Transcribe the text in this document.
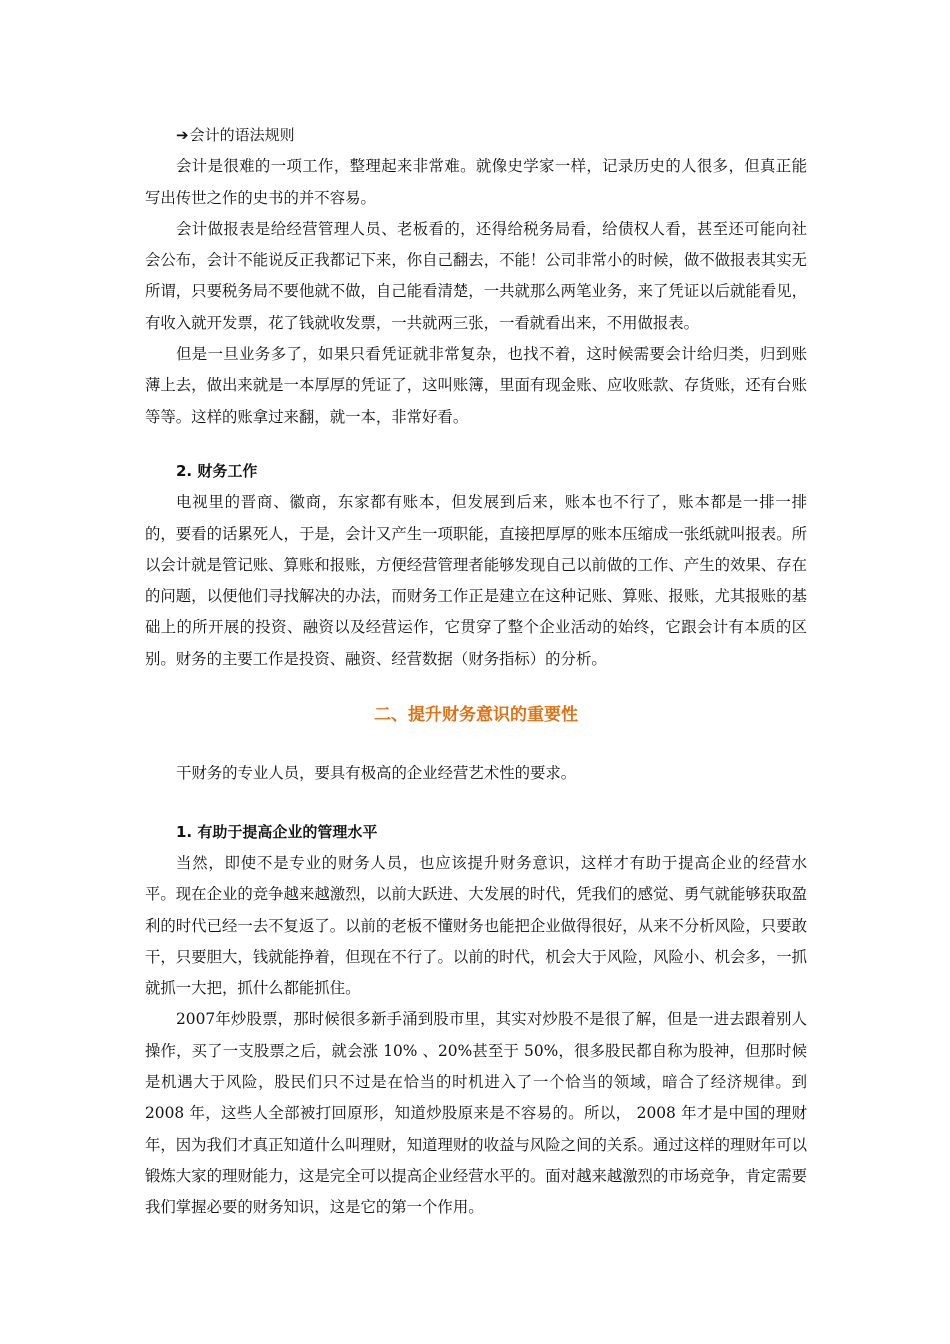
➔会计的语法规则

会计是很难的一项工作，整理起来非常难。就像史学家一样，记录历史的人很多，但真正能写出传世之作的史书的并不容易。

会计做报表是给经营管理人员、老板看的，还得给税务局看，给债权人看，甚至还可能向社会公布，会计不能说反正我都记下来，你自己翻去，不能！公司非常小的时候，做不做报表其实无所谓，只要税务局不要他就不做，自己能看清楚，一共就那么两笔业务，来了凭证以后就能看见，有收入就开发票，花了钱就收发票，一共就两三张，一看就看出来，不用做报表。

但是一旦业务多了，如果只看凭证就非常复杂，也找不着，这时候需要会计给归类，归到账薄上去，做出来就是一本厚厚的凭证了，这叫账簿，里面有现金账、应收账款、存货账，还有台账等等。这样的账拿过来翻，就一本，非常好看。

2. 财务工作

电视里的晋商、徽商，东家都有账本，但发展到后来，账本也不行了，账本都是一排一排的，要看的话累死人，于是，会计又产生一项职能，直接把厚厚的账本压缩成一张纸就叫报表。所以会计就是管记账、算账和报账，方便经营管理者能够发现自己以前做的工作、产生的效果、存在的问题，以便他们寻找解决的办法，而财务工作正是建立在这种记账、算账、报账，尤其报账的基础上的所开展的投资、融资以及经营运作，它贯穿了整个企业活动的始终，它跟会计有本质的区别。财务的主要工作是投资、融资、经营数据（财务指标）的分析。

二、提升财务意识的重要性

干财务的专业人员，要具有极高的企业经营艺术性的要求。

1. 有助于提高企业的管理水平

当然，即使不是专业的财务人员，也应该提升财务意识，这样才有助于提高企业的经营水平。现在企业的竞争越来越激烈，以前大跃进、大发展的时代，凭我们的感觉、勇气就能够获取盈利的时代已经一去不复返了。以前的老板不懂财务也能把企业做得很好，从来不分析风险，只要敢干，只要胆大，钱就能挣着，但现在不行了。以前的时代，机会大于风险，风险小、机会多，一抓就抓一大把，抓什么都能抓住。

2007年炒股票，那时候很多新手涌到股市里，其实对炒股不是很了解，但是一进去跟着别人操作，买了一支股票之后，就会涨 10% 、20%甚至于 50%，很多股民都自称为股神，但那时候是机遇大于风险，股民们只不过是在恰当的时机进入了一个恰当的领域，暗合了经济规律。到 2008 年，这些人全部被打回原形，知道炒股原来是不容易的。所以， 2008 年才是中国的理财年，因为我们才真正知道什么叫理财，知道理财的收益与风险之间的关系。通过这样的理财年可以锻炼大家的理财能力，这是完全可以提高企业经营水平的。面对越来越激烈的市场竞争，肯定需要我们掌握必要的财务知识，这是它的第一个作用。
